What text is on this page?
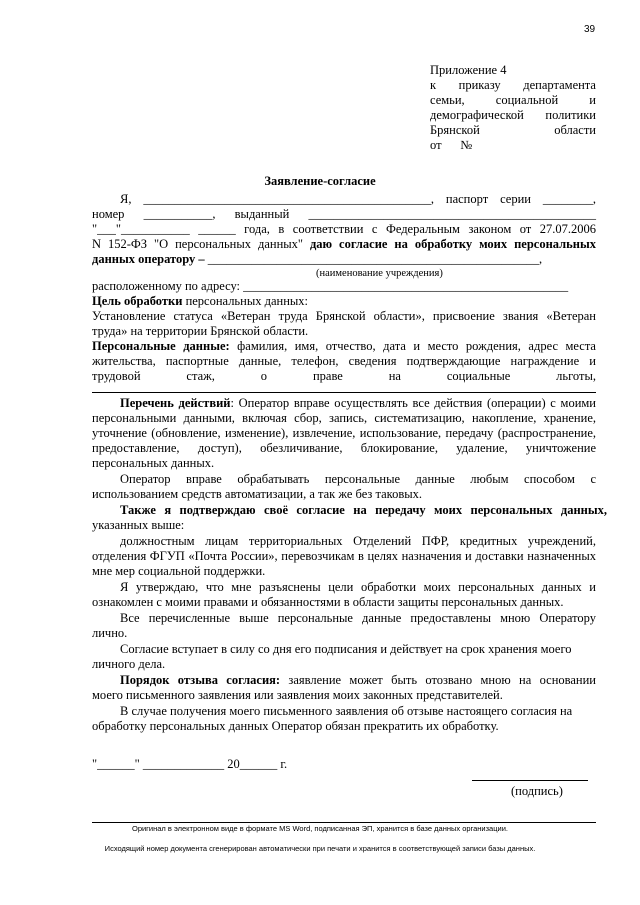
39
Приложение 4
к приказу департамента
семьи, социальной и
демографической политики
Брянской	области
от      №
Заявление-согласие
Я, ______________________________________________, паспорт серии ________,
номер ___________, выданный ______________________________________________
"___"___________ ______ года, в соответствии с Федеральным законом от 27.07.2006
N 152-ФЗ "О персональных данных" даю согласие на обработку моих персональных
данных оператору – _____________________________________________________,
(наименование учреждения)
расположенному по адресу: ____________________________________________________
Цель обработки персональных данных:
Установление статуса «Ветеран труда Брянской области», присвоение звания «Ветеран
труда» на территории Брянской области.
Персональные данные: фамилия, имя, отчество, дата и место рождения, адрес места
жительства, паспортные данные, телефон, сведения подтверждающие награждение и
трудовой стаж, о праве на социальные льготы,
Перечень действий: Оператор вправе осуществлять все действия (операции) с моими
персональными данными, включая сбор, запись, систематизацию, накопление, хранение,
уточнение (обновление, изменение), извлечение, использование, передачу (распространение,
предоставление, доступ), обезличивание, блокирование, удаление, уничтожение
персональных данных.
Оператор вправе обрабатывать персональные данные любым способом с
использованием средств автоматизации, а так же без таковых.
Также я подтверждаю своё согласие на передачу моих персональных данных,
указанных выше:
должностным лицам территориальных Отделений ПФР, кредитных учреждений,
отделения ФГУП «Почта России», перевозчикам в целях назначения и доставки назначенных
мне мер социальной поддержки.
Я утверждаю, что мне разъяснены цели обработки моих персональных данных и
ознакомлен с моими правами и обязанностями в области защиты персональных данных.
Все перечисленные выше персональные данные предоставлены мною Оператору
лично.
Согласие вступает в силу со дня его подписания и действует на срок хранения моего
личного дела.
Порядок отзыва согласия: заявление может быть отозвано мною на основании
моего письменного заявления или заявления моих законных представителей.
В случае получения моего письменного заявления об отзыве настоящего согласия на
обработку персональных данных Оператор обязан прекратить их обработку.
"______" _____________ 20______ г.
(подпись)
Оригинал в электронном виде в формате MS Word, подписанная ЭП, хранится в базе данных организации.
Исходящий номер документа сгенерирован автоматически при печати и хранится в соответствующей записи базы данных.
